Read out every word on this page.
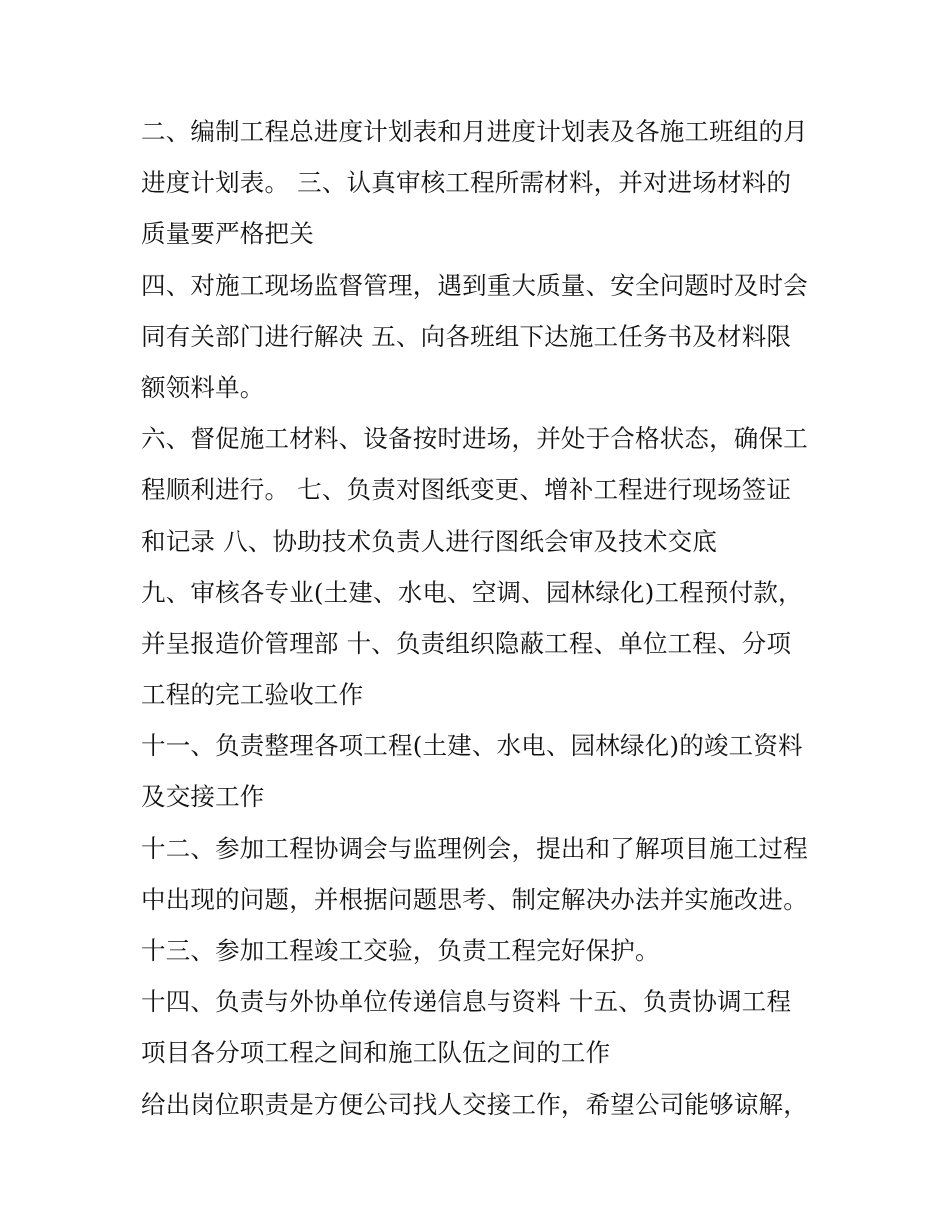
二、编制工程总进度计划表和月进度计划表及各施工班组的月
进度计划表。 三、认真审核工程所需材料，并对进场材料的
质量要严格把关
四、对施工现场监督管理，遇到重大质量、安全问题时及时会
同有关部门进行解决 五、向各班组下达施工任务书及材料限
额领料单。
六、督促施工材料、设备按时进场，并处于合格状态，确保工
程顺利进行。 七、负责对图纸变更、增补工程进行现场签证
和记录 八、协助技术负责人进行图纸会审及技术交底
九、审核各专业(土建、水电、空调、园林绿化)工程预付款，
并呈报造价管理部 十、负责组织隐蔽工程、单位工程、分项
工程的完工验收工作
十一、负责整理各项工程(土建、水电、园林绿化)的竣工资料
及交接工作
十二、参加工程协调会与监理例会，提出和了解项目施工过程
中出现的问题，并根据问题思考、制定解决办法并实施改进。
十三、参加工程竣工交验，负责工程完好保护。
十四、负责与外协单位传递信息与资料 十五、负责协调工程
项目各分项工程之间和施工队伍之间的工作
给出岗位职责是方便公司找人交接工作，希望公司能够谅解，
